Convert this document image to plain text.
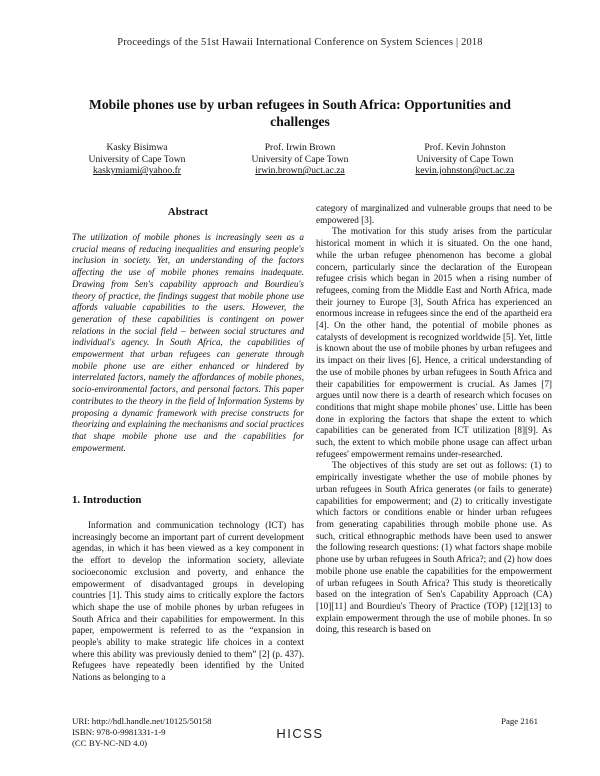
Proceedings of the 51st Hawaii International Conference on System Sciences | 2018
Mobile phones use by urban refugees in South Africa: Opportunities and challenges
Kasky Bisimwa
University of Cape Town
kaskymiami@yahoo.fr
Prof. Irwin Brown
University of Cape Town
irwin.brown@uct.ac.za
Prof. Kevin Johnston
University of Cape Town
kevin.johnston@uct.ac.za
Abstract
The utilization of mobile phones is increasingly seen as a crucial means of reducing inequalities and ensuring people's inclusion in society. Yet, an understanding of the factors affecting the use of mobile phones remains inadequate. Drawing from Sen's capability approach and Bourdieu's theory of practice, the findings suggest that mobile phone use affords valuable capabilities to the users. However, the generation of these capabilities is contingent on power relations in the social field – between social structures and individual's agency. In South Africa, the capabilities of empowerment that urban refugees can generate through mobile phone use are either enhanced or hindered by interrelated factors, namely the affordances of mobile phones, socio-environmental factors, and personal factors. This paper contributes to the theory in the field of Information Systems by proposing a dynamic framework with precise constructs for theorizing and explaining the mechanisms and social practices that shape mobile phone use and the capabilities for empowerment.
1. Introduction

Information and communication technology (ICT) has increasingly become an important part of current development agendas, in which it has been viewed as a key component in the effort to develop the information society, alleviate socioeconomic exclusion and poverty, and enhance the empowerment of disadvantaged groups in developing countries [1]. This study aims to critically explore the factors which shape the use of mobile phones by urban refugees in South Africa and their capabilities for empowerment. In this paper, empowerment is referred to as the “expansion in people's ability to make strategic life choices in a context where this ability was previously denied to them” [2] (p. 437). Refugees have repeatedly been identified by the United Nations as belonging to a

category of marginalized and vulnerable groups that need to be empowered [3].

The motivation for this study arises from the particular historical moment in which it is situated. On the one hand, while the urban refugee phenomenon has become a global concern, particularly since the declaration of the European refugee crisis which began in 2015 when a rising number of refugees, coming from the Middle East and North Africa, made their journey to Europe [3], South Africa has experienced an enormous increase in refugees since the end of the apartheid era [4]. On the other hand, the potential of mobile phones as catalysts of development is recognized worldwide [5]. Yet, little is known about the use of mobile phones by urban refugees and its impact on their lives [6]. Hence, a critical understanding of the use of mobile phones by urban refugees in South Africa and their capabilities for empowerment is crucial. As James [7] argues until now there is a dearth of research which focuses on conditions that might shape mobile phones' use. Little has been done in exploring the factors that shape the extent to which capabilities can be generated from ICT utilization [8][9]. As such, the extent to which mobile phone usage can affect urban refugees' empowerment remains under-researched.

The objectives of this study are set out as follows: (1) to empirically investigate whether the use of mobile phones by urban refugees in South Africa generates (or fails to generate) capabilities for empowerment; and (2) to critically investigate which factors or conditions enable or hinder urban refugees from generating capabilities through mobile phone use. As such, critical ethnographic methods have been used to answer the following research questions: (1) what factors shape mobile phone use by urban refugees in South Africa?; and (2) how does mobile phone use enable the capabilities for the empowerment of urban refugees in South Africa? This study is theoretically based on the integration of Sen's Capability Approach (CA) [10][11] and Bourdieu's Theory of Practice (TOP) [12][13] to explain empowerment through the use of mobile phones. In so doing, this research is based on

URI: http://hdl.handle.net/10125/50158
ISBN: 978-0-9981331-1-9
(CC BY-NC-ND 4.0)
Page 2161
HICSS
